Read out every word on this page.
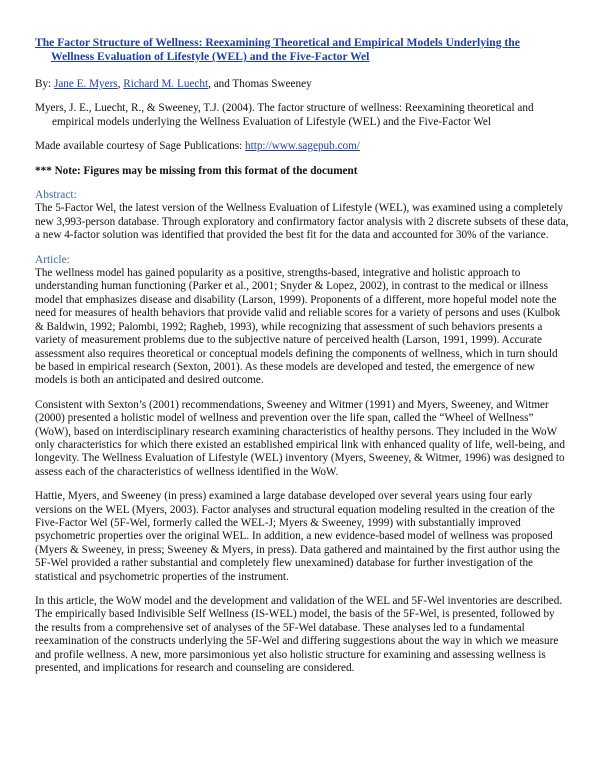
The Factor Structure of Wellness: Reexamining Theoretical and Empirical Models Underlying the
Wellness Evaluation of Lifestyle (WEL) and the Five-Factor Wel

By: Jane E. Myers, Richard M. Luecht, and Thomas Sweeney

Myers, J. E., Luecht, R., & Sweeney, T.J. (2004). The factor structure of wellness: Reexamining theoretical and empirical models underlying the Wellness Evaluation of Lifestyle (WEL) and the Five-Factor Wel

Made available courtesy of Sage Publications: http://www.sagepub.com/

*** Note: Figures may be missing from this format of the document

Abstract:

The 5-Factor Wel, the latest version of the Wellness Evaluation of Lifestyle (WEL), was examined using a completely new 3,993-person database. Through exploratory and confirmatory factor analysis with 2 discrete subsets of these data, a new 4-factor solution was identified that provided the best fit for the data and accounted for 30% of the variance.

Article:

The wellness model has gained popularity as a positive, strengths-based, integrative and holistic approach to understanding human functioning (Parker et al., 2001; Snyder & Lopez, 2002), in contrast to the medical or illness model that emphasizes disease and disability (Larson, 1999). Proponents of a different, more hopeful model note the need for measures of health behaviors that provide valid and reliable scores for a variety of persons and uses (Kulbok & Baldwin, 1992; Palombi, 1992; Ragheb, 1993), while recognizing that assessment of such behaviors presents a variety of measurement problems due to the subjective nature of perceived health (Larson, 1991, 1999). Accurate assessment also requires theoretical or conceptual models defining the components of wellness, which in turn should be based in empirical research (Sexton, 2001). As these models are developed and tested, the emergence of new models is both an anticipated and desired outcome.

Consistent with Sexton’s (2001) recommendations, Sweeney and Witmer (1991) and Myers, Sweeney, and Witmer (2000) presented a holistic model of wellness and prevention over the life span, called the “Wheel of Wellness” (WoW), based on interdisciplinary research examining characteristics of healthy persons. They included in the WoW only characteristics for which there existed an established empirical link with enhanced quality of life, well-being, and longevity. The Wellness Evaluation of Lifestyle (WEL) inventory (Myers, Sweeney, & Witmer, 1996) was designed to assess each of the characteristics of wellness identified in the WoW.

Hattie, Myers, and Sweeney (in press) examined a large database developed over several years using four early versions on the WEL (Myers, 2003). Factor analyses and structural equation modeling resulted in the creation of the Five-Factor Wel (5F-Wel, formerly called the WEL-J; Myers & Sweeney, 1999) with substantially improved psychometric properties over the original WEL. In addition, a new evidence-based model of wellness was proposed (Myers & Sweeney, in press; Sweeney & Myers, in press). Data gathered and maintained by the first author using the 5F-Wel provided a rather substantial and completely flew unexamined) database for further investigation of the statistical and psychometric properties of the instrument.

In this article, the WoW model and the development and validation of the WEL and 5F-Wel inventories are described. The empirically based Indivisible Self Wellness (IS-WEL) model, the basis of the 5F-Wel, is presented, followed by the results from a comprehensive set of analyses of the 5F-Wel database. These analyses led to a fundamental reexamination of the constructs underlying the 5F-Wel and differing suggestions about the way in which we measure and profile wellness. A new, more parsimonious yet also holistic structure for examining and assessing wellness is presented, and implications for research and counseling are considered.
